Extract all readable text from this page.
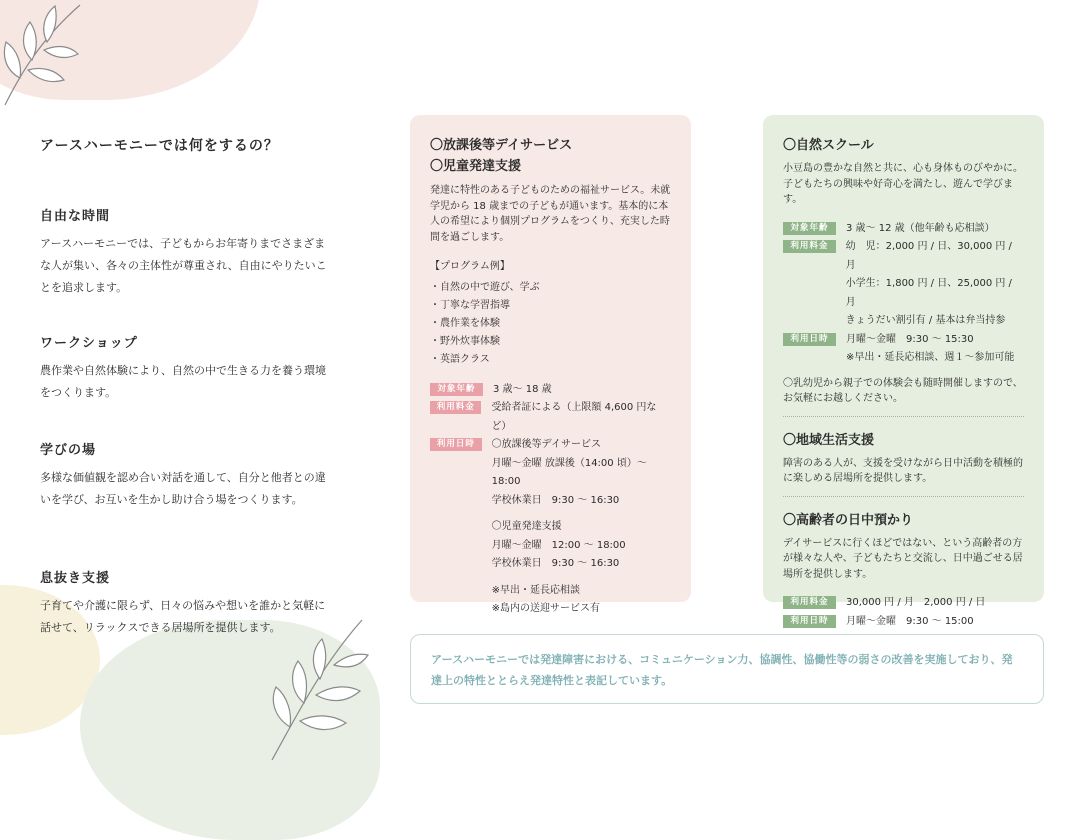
アースハーモニーでは何をするの？
自由な時間

アースハーモニーでは、子どもからお年寄りまでさまざまな人が集い、各々の主体性が尊重され、自由にやりたいことを追求します。

ワークショップ

農作業や自然体験により、自然の中で生きる力を養う環境をつくります。

学びの場

多様な価値観を認め合い対話を通して、自分と他者との違いを学び、お互いを生かし助け合う場をつくります。

息抜き支援

子育てや介護に限らず、日々の悩みや想いを誰かと気軽に話せて、リラックスできる居場所を提供します。

〇放課後等デイサービス
〇児童発達支援
発達に特性のある子どものための福祉サービス。未就学児から 18 歳までの子どもが通います。基本的に本人の希望により個別プログラムをつくり、充実した時間を過ごします。
【プログラム例】
・自然の中で遊び、学ぶ
・丁寧な学習指導
・農作業を体験
・野外炊事体験
・英語クラス
対象年齢	3 歳～ 18 歳
利用料金	受給者証による（上限額 4,600 円など）
利用日時	〇放課後等デイサービス
月曜～金曜 放課後（14:00 頃）～18:00
学校休業日　9:30 ～ 16:30
〇児童発達支援
月曜～金曜　12:00 ～ 18:00
学校休業日　9:30 ～ 16:30
※早出・延長応相談
※島内の送迎サービス有
〇自然スクール
小豆島の豊かな自然と共に、心も身体ものびやかに。子どもたちの興味や好奇心を満たし、遊んで学びます。
対象年齢	3 歳～ 12 歳（他年齢も応相談）
利用料金	幼　児：2,000 円 / 日、30,000 円 / 月
小学生：1,800 円 / 日、25,000 円 / 月
きょうだい割引有 / 基本は弁当持参
利用日時	月曜～金曜　9:30 ～ 15:30
※早出・延長応相談、週１～参加可能
〇乳幼児から親子での体験会も随時開催しますので、お気軽にお越しください。
〇地域生活支援
障害のある人が、支援を受けながら日中活動を積極的に楽しめる居場所を提供します。
〇高齢者の日中預かり
デイサービスに行くほどではない、という高齢者の方が様々な人や、子どもたちと交流し、日中過ごせる居場所を提供します。
利用料金	30,000 円 / 月　2,000 円 / 日
利用日時	月曜～金曜　9:30 ～ 15:00
アースハーモニーでは発達障害における、コミュニケーション力、協調性、協働性等の弱さの改善を実施しており、発達上の特性ととらえ発達特性と表記しています。
